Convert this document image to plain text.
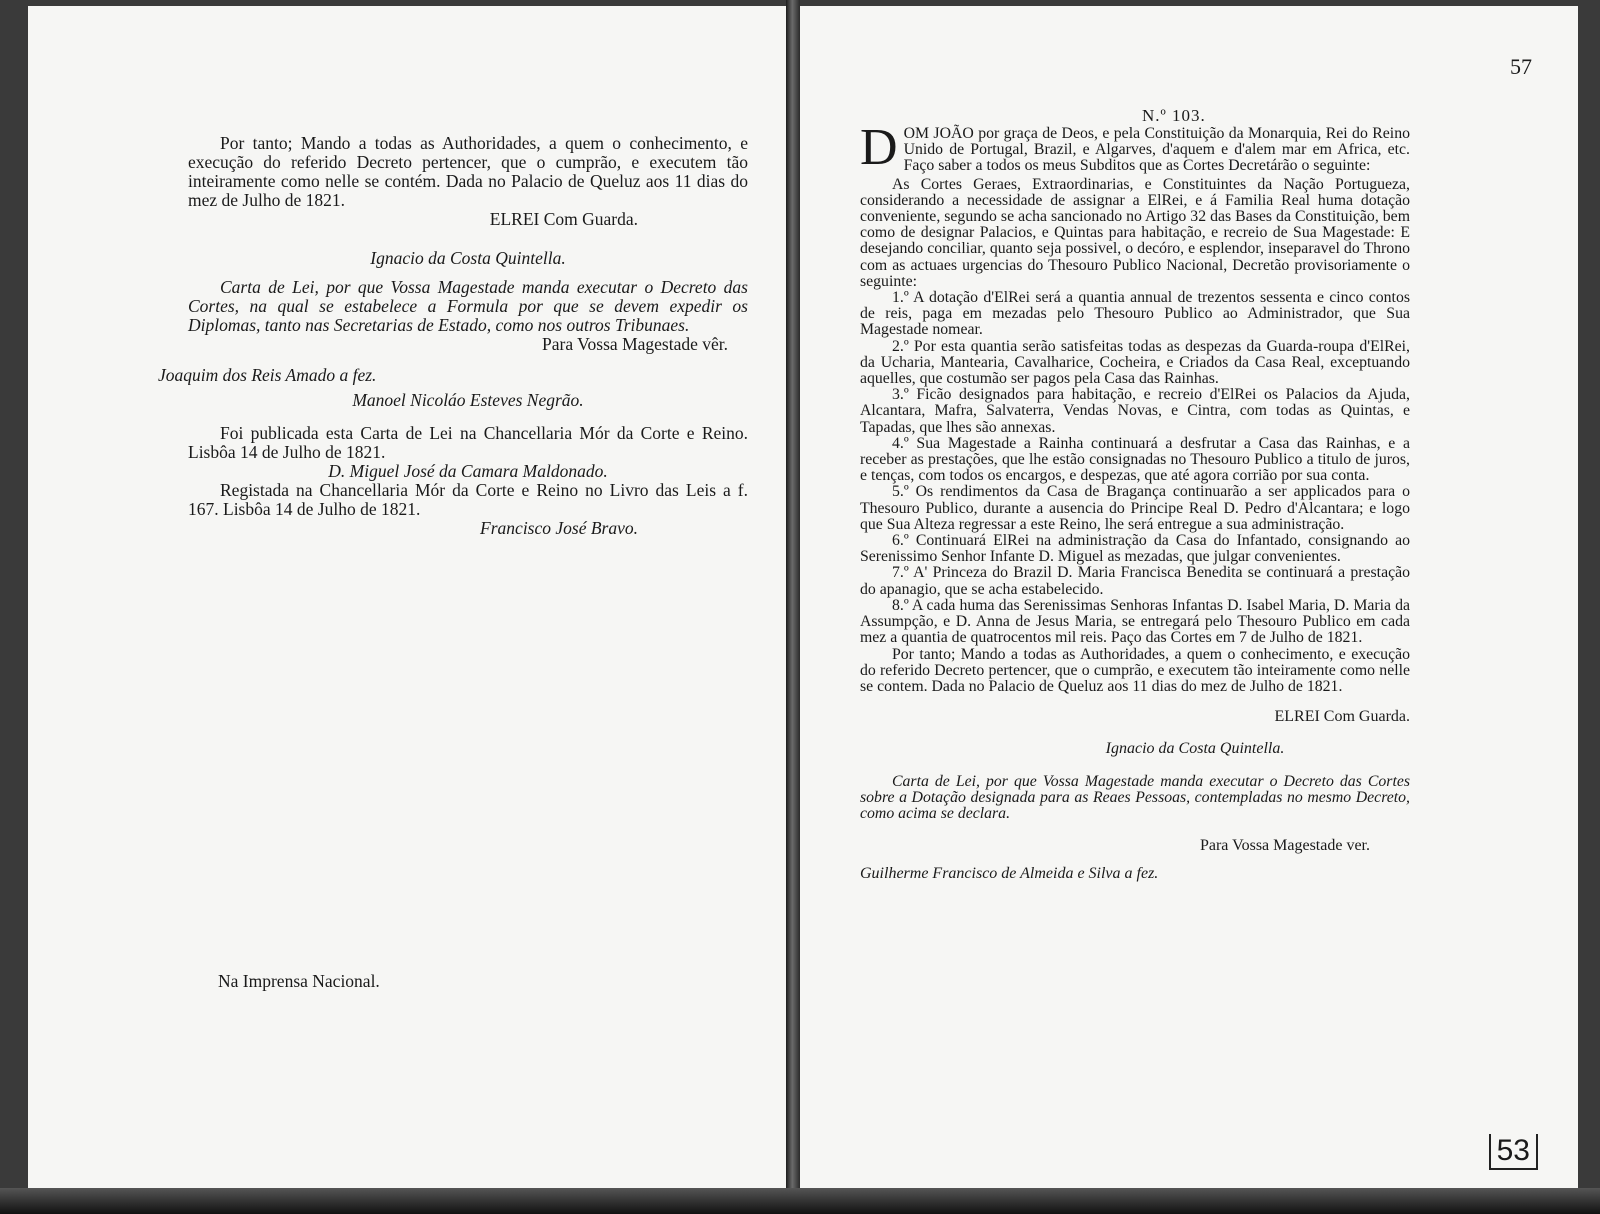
Por tanto; Mando a todas as Authoridades, a quem o conhecimento, e execução do referido Decreto pertencer, que o cumprão, e executem tão inteiramente como nelle se contém. Dada no Palacio de Queluz aos 11 dias do mez de Julho de 1821.

ELREI Com Guarda.

Ignacio da Costa Quintella.

Carta de Lei, por que Vossa Magestade manda executar o Decreto das Cortes, na qual se estabelece a Formula por que se devem expedir os Diplomas, tanto nas Secretarias de Estado, como nos outros Tribunaes.

Para Vossa Magestade vêr.

Joaquim dos Reis Amado a fez.

Manoel Nicoláo Esteves Negrão.

Foi publicada esta Carta de Lei na Chancellaria Mór da Corte e Reino. Lisbôa 14 de Julho de 1821.

D. Miguel José da Camara Maldonado.

Registada na Chancellaria Mór da Corte e Reino no Livro das Leis a f. 167. Lisbôa 14 de Julho de 1821.

Francisco José Bravo.

Na Imprensa Nacional.
57
N.º 103.

DOM JOÃO por graça de Deos, e pela Constituição da Monarquia, Rei do Reino Unido de Portugal, Brazil, e Algarves, d'aquem e d'alem mar em Africa, etc. Faço saber a todos os meus Subditos que as Cortes Decretárão o seguinte:

As Cortes Geraes, Extraordinarias, e Constituintes da Nação Portugueza, considerando a necessidade de assignar a ElRei, e á Familia Real huma dotação conveniente, segundo se acha sancionado no Artigo 32 das Bases da Constituição, bem como de designar Palacios, e Quintas para habitação, e recreio de Sua Magestade: E desejando conciliar, quanto seja possivel, o decóro, e esplendor, inseparavel do Throno com as actuaes urgencias do Thesouro Publico Nacional, Decretão provisoriamente o seguinte:

1.º A dotação d'ElRei será a quantia annual de trezentos sessenta e cinco contos de reis, paga em mezadas pelo Thesouro Publico ao Administrador, que Sua Magestade nomear.

2.º Por esta quantia serão satisfeitas todas as despezas da Guarda-roupa d'ElRei, da Ucharia, Mantearia, Cavalharice, Cocheira, e Criados da Casa Real, exceptuando aquelles, que costumão ser pagos pela Casa das Rainhas.

3.º Ficão designados para habitação, e recreio d'ElRei os Palacios da Ajuda, Alcantara, Mafra, Salvaterra, Vendas Novas, e Cintra, com todas as Quintas, e Tapadas, que lhes são annexas.

4.º Sua Magestade a Rainha continuará a desfrutar a Casa das Rainhas, e a receber as prestações, que lhe estão consignadas no Thesouro Publico a titulo de juros, e tenças, com todos os encargos, e despezas, que até agora corrião por sua conta.

5.º Os rendimentos da Casa de Bragança continuarão a ser applicados para o Thesouro Publico, durante a ausencia do Principe Real D. Pedro d'Alcantara; e logo que Sua Alteza regressar a este Reino, lhe será entregue a sua administração.

6.º Continuará ElRei na administração da Casa do Infantado, consignando ao Serenissimo Senhor Infante D. Miguel as mezadas, que julgar convenientes.

7.º A' Princeza do Brazil D. Maria Francisca Benedita se continuará a prestação do apanagio, que se acha estabelecido.

8.º A cada huma das Serenissimas Senhoras Infantas D. Isabel Maria, D. Maria da Assumpção, e D. Anna de Jesus Maria, se entregará pelo Thesouro Publico em cada mez a quantia de quatrocentos mil reis. Paço das Cortes em 7 de Julho de 1821.

Por tanto; Mando a todas as Authoridades, a quem o conhecimento, e execução do referido Decreto pertencer, que o cumprão, e executem tão inteiramente como nelle se contem. Dada no Palacio de Queluz aos 11 dias do mez de Julho de 1821.

ELREI Com Guarda.

Ignacio da Costa Quintella.

Carta de Lei, por que Vossa Magestade manda executar o Decreto das Cortes sobre a Dotação designada para as Reaes Pessoas, contempladas no mesmo Decreto, como acima se declara.

Para Vossa Magestade ver.

Guilherme Francisco de Almeida e Silva a fez.

53
